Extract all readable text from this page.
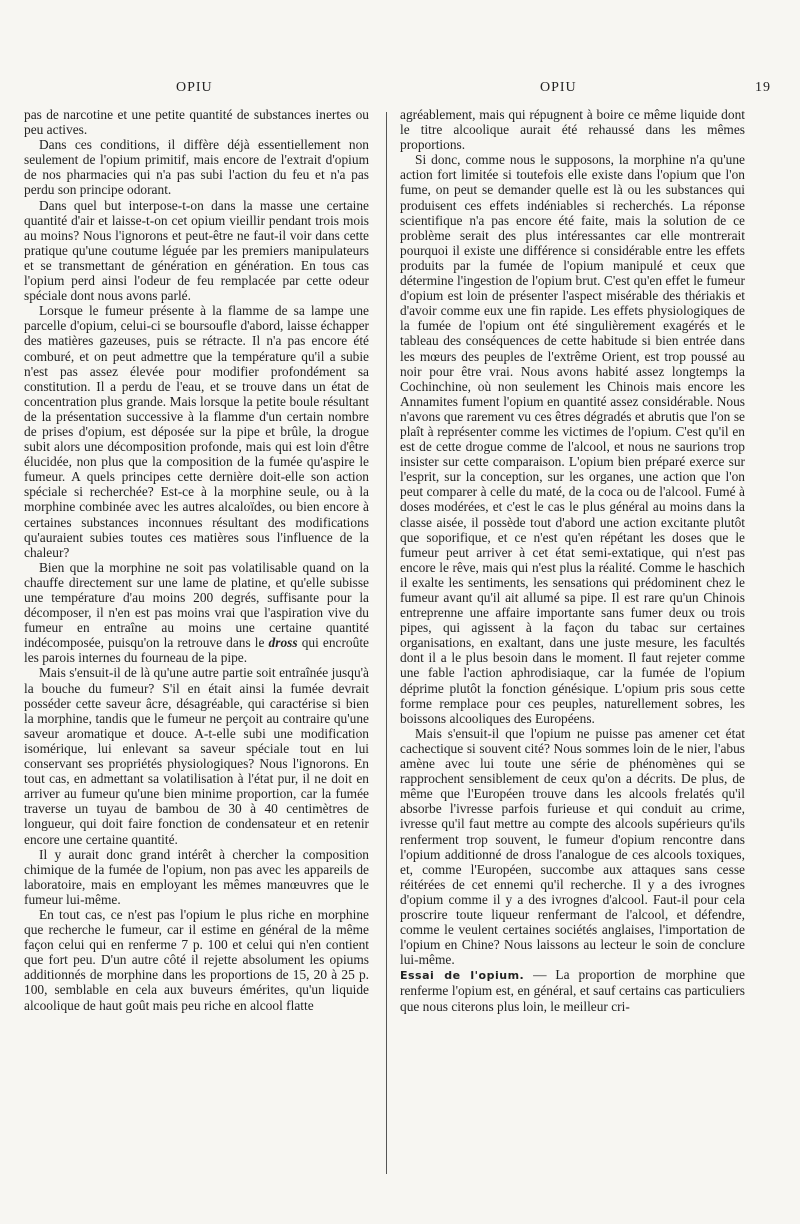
OPIU	OPIU	19

pas de narcotine et une petite quantité de substances inertes ou peu actives.

Dans ces conditions, il diffère déjà essentiellement non seulement de l'opium primitif, mais encore de l'extrait d'opium de nos pharmacies qui n'a pas subi l'action du feu et n'a pas perdu son principe odorant.

Dans quel but interpose-t-on dans la masse une certaine quantité d'air et laisse-t-on cet opium vieillir pendant trois mois au moins? Nous l'ignorons et peut-être ne faut-il voir dans cette pratique qu'une coutume léguée par les premiers manipulateurs et se transmettant de génération en génération. En tous cas l'opium perd ainsi l'odeur de feu remplacée par cette odeur spéciale dont nous avons parlé.

Lorsque le fumeur présente à la flamme de sa lampe une parcelle d'opium, celui-ci se boursoufle d'abord, laisse échapper des matières gazeuses, puis se rétracte. Il n'a pas encore été comburé, et on peut admettre que la température qu'il a subie n'est pas assez élevée pour modifier profondément sa constitution. Il a perdu de l'eau, et se trouve dans un état de concentration plus grande. Mais lorsque la petite boule résultant de la présentation successive à la flamme d'un certain nombre de prises d'opium, est déposée sur la pipe et brûle, la drogue subit alors une décomposition profonde, mais qui est loin d'être élucidée, non plus que la composition de la fumée qu'aspire le fumeur. A quels principes cette dernière doit-elle son action spéciale si recherchée? Est-ce à la morphine seule, ou à la morphine combinée avec les autres alcaloïdes, ou bien encore à certaines substances inconnues résultant des modifications qu'auraient subies toutes ces matières sous l'influence de la chaleur?

Bien que la morphine ne soit pas volatilisable quand on la chauffe directement sur une lame de platine, et qu'elle subisse une température d'au moins 200 degrés, suffisante pour la décomposer, il n'en est pas moins vrai que l'aspiration vive du fumeur en entraîne au moins une certaine quantité indécomposée, puisqu'on la retrouve dans le dross qui encroûte les parois internes du fourneau de la pipe.

Mais s'ensuit-il de là qu'une autre partie soit entraînée jusqu'à la bouche du fumeur? S'il en était ainsi la fumée devrait posséder cette saveur âcre, désagréable, qui caractérise si bien la morphine, tandis que le fumeur ne perçoit au contraire qu'une saveur aromatique et douce. A-t-elle subi une modification isomérique, lui enlevant sa saveur spéciale tout en lui conservant ses propriétés physiologiques? Nous l'ignorons. En tout cas, en admettant sa volatilisation à l'état pur, il ne doit en arriver au fumeur qu'une bien minime proportion, car la fumée traverse un tuyau de bambou de 30 à 40 centimètres de longueur, qui doit faire fonction de condensateur et en retenir encore une certaine quantité.

Il y aurait donc grand intérêt à chercher la composition chimique de la fumée de l'opium, non pas avec les appareils de laboratoire, mais en employant les mêmes manœuvres que le fumeur lui-même.

En tout cas, ce n'est pas l'opium le plus riche en morphine que recherche le fumeur, car il estime en général de la même façon celui qui en renferme 7 p. 100 et celui qui n'en contient que fort peu. D'un autre côté il rejette absolument les opiums additionnés de morphine dans les proportions de 15, 20 à 25 p. 100, semblable en cela aux buveurs émérites, qu'un liquide alcoolique de haut goût mais peu riche en alcool flatte

agréablement, mais qui répugnent à boire ce même liquide dont le titre alcoolique aurait été rehaussé dans les mêmes proportions.

Si donc, comme nous le supposons, la morphine n'a qu'une action fort limitée si toutefois elle existe dans l'opium que l'on fume, on peut se demander quelle est là ou les substances qui produisent ces effets indéniables si recherchés. La réponse scientifique n'a pas encore été faite, mais la solution de ce problème serait des plus intéressantes car elle montrerait pourquoi il existe une différence si considérable entre les effets produits par la fumée de l'opium manipulé et ceux que détermine l'ingestion de l'opium brut. C'est qu'en effet le fumeur d'opium est loin de présenter l'aspect misérable des thériakis et d'avoir comme eux une fin rapide. Les effets physiologiques de la fumée de l'opium ont été singulièrement exagérés et le tableau des conséquences de cette habitude si bien entrée dans les mœurs des peuples de l'extrême Orient, est trop poussé au noir pour être vrai. Nous avons habité assez longtemps la Cochinchine, où non seulement les Chinois mais encore les Annamites fument l'opium en quantité assez considérable. Nous n'avons que rarement vu ces êtres dégradés et abrutis que l'on se plaît à représenter comme les victimes de l'opium. C'est qu'il en est de cette drogue comme de l'alcool, et nous ne saurions trop insister sur cette comparaison. L'opium bien préparé exerce sur l'esprit, sur la conception, sur les organes, une action que l'on peut comparer à celle du maté, de la coca ou de l'alcool. Fumé à doses modérées, et c'est le cas le plus général au moins dans la classe aisée, il possède tout d'abord une action excitante plutôt que soporifique, et ce n'est qu'en répétant les doses que le fumeur peut arriver à cet état semi-extatique, qui n'est pas encore le rêve, mais qui n'est plus la réalité. Comme le haschich il exalte les sentiments, les sensations qui prédominent chez le fumeur avant qu'il ait allumé sa pipe. Il est rare qu'un Chinois entreprenne une affaire importante sans fumer deux ou trois pipes, qui agissent à la façon du tabac sur certaines organisations, en exaltant, dans une juste mesure, les facultés dont il a le plus besoin dans le moment. Il faut rejeter comme une fable l'action aphrodisiaque, car la fumée de l'opium déprime plutôt la fonction génésique. L'opium pris sous cette forme remplace pour ces peuples, naturellement sobres, les boissons alcooliques des Européens.

Mais s'ensuit-il que l'opium ne puisse pas amener cet état cachectique si souvent cité? Nous sommes loin de le nier, l'abus amène avec lui toute une série de phénomènes qui se rapprochent sensiblement de ceux qu'on a décrits. De plus, de même que l'Européen trouve dans les alcools frelatés qu'il absorbe l'ivresse parfois furieuse et qui conduit au crime, ivresse qu'il faut mettre au compte des alcools supérieurs qu'ils renferment trop souvent, le fumeur d'opium rencontre dans l'opium additionné de dross l'analogue de ces alcools toxiques, et, comme l'Européen, succombe aux attaques sans cesse réitérées de cet ennemi qu'il recherche. Il y a des ivrognes d'opium comme il y a des ivrognes d'alcool. Faut-il pour cela proscrire toute liqueur renfermant de l'alcool, et défendre, comme le veulent certaines sociétés anglaises, l'importation de l'opium en Chine? Nous laissons au lecteur le soin de conclure lui-même.

Essai de l'opium. — La proportion de morphine que renferme l'opium est, en général, et sauf certains cas particuliers que nous citerons plus loin, le meilleur cri-
